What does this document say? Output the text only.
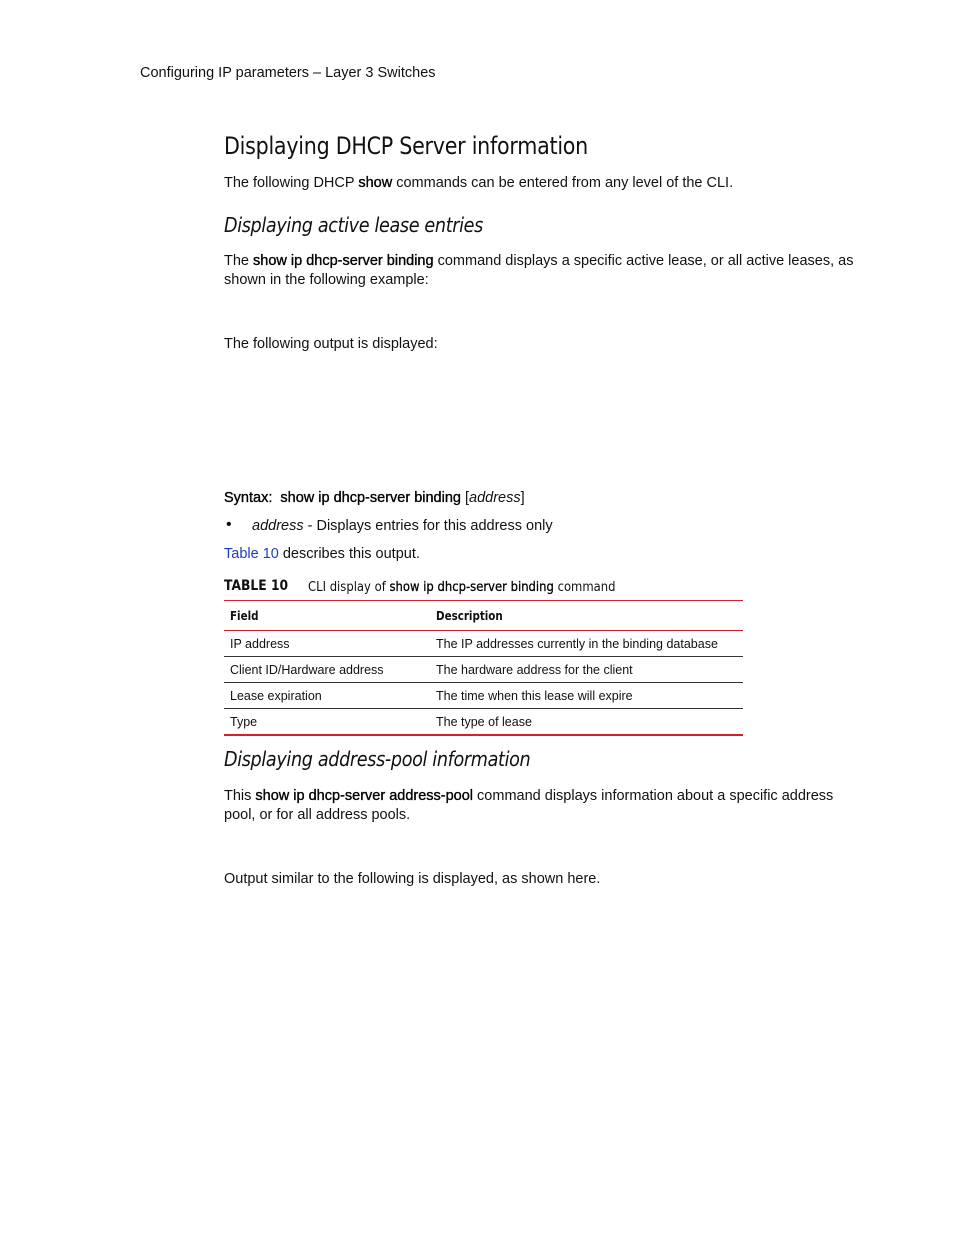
Configuring IP parameters – Layer 3 Switches
Displaying DHCP Server information
The following DHCP show commands can be entered from any level of the CLI.
Displaying active lease entries
The show ip dhcp-server binding command displays a specific active lease, or all active leases, as shown in the following example:
The following output is displayed:
Syntax: show ip dhcp-server binding [address]
• address - Displays entries for this address only
Table 10 describes this output.
TABLE 10 CLI display of show ip dhcp-server binding command
Field	Description
IP address	The IP addresses currently in the binding database
Client ID/Hardware address	The hardware address for the client
Lease expiration	The time when this lease will expire
Type	The type of lease
Displaying address-pool information
This show ip dhcp-server address-pool command displays information about a specific address pool, or for all address pools.
Output similar to the following is displayed, as shown here.
